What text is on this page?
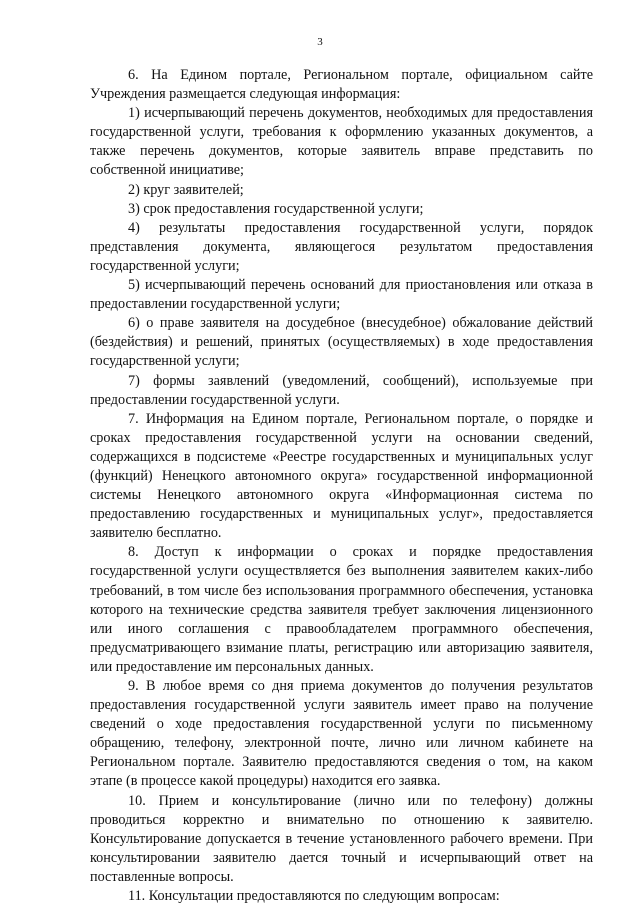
3

6. На Едином портале, Региональном портале, официальном сайте Учреждения размещается следующая информация:

1) исчерпывающий перечень документов, необходимых для предоставления государственной услуги, требования к оформлению указанных документов, а также перечень документов, которые заявитель вправе представить по собственной инициативе;

2) круг заявителей;

3) срок предоставления государственной услуги;

4) результаты предоставления государственной услуги, порядок представления документа, являющегося результатом предоставления государственной услуги;

5) исчерпывающий перечень оснований для приостановления или отказа в предоставлении государственной услуги;

6) о праве заявителя на досудебное (внесудебное) обжалование действий (бездействия) и решений, принятых (осуществляемых) в ходе предоставления государственной услуги;

7) формы заявлений (уведомлений, сообщений), используемые при предоставлении государственной услуги.

7. Информация на Едином портале, Региональном портале, о порядке и сроках предоставления государственной услуги на основании сведений, содержащихся в подсистеме «Реестре государственных и муниципальных услуг (функций) Ненецкого автономного округа» государственной информационной системы Ненецкого автономного округа «Информационная система по предоставлению государственных и муниципальных услуг», предоставляется заявителю бесплатно.

8. Доступ к информации о сроках и порядке предоставления государственной услуги осуществляется без выполнения заявителем каких-либо требований, в том числе без использования программного обеспечения, установка которого на технические средства заявителя требует заключения лицензионного или иного соглашения с правообладателем программного обеспечения, предусматривающего взимание платы, регистрацию или авторизацию заявителя, или предоставление им персональных данных.

9. В любое время со дня приема документов до получения результатов предоставления государственной услуги заявитель имеет право на получение сведений о ходе предоставления государственной услуги по письменному обращению, телефону, электронной почте, лично или личном кабинете на Региональном портале. Заявителю предоставляются сведения о том, на каком этапе (в процессе какой процедуры) находится его заявка.

10. Прием и консультирование (лично или по телефону) должны проводиться корректно и внимательно по отношению к заявителю. Консультирование допускается в течение установленного рабочего времени. При консультировании заявителю дается точный и исчерпывающий ответ на поставленные вопросы.

11. Консультации предоставляются по следующим вопросам:
